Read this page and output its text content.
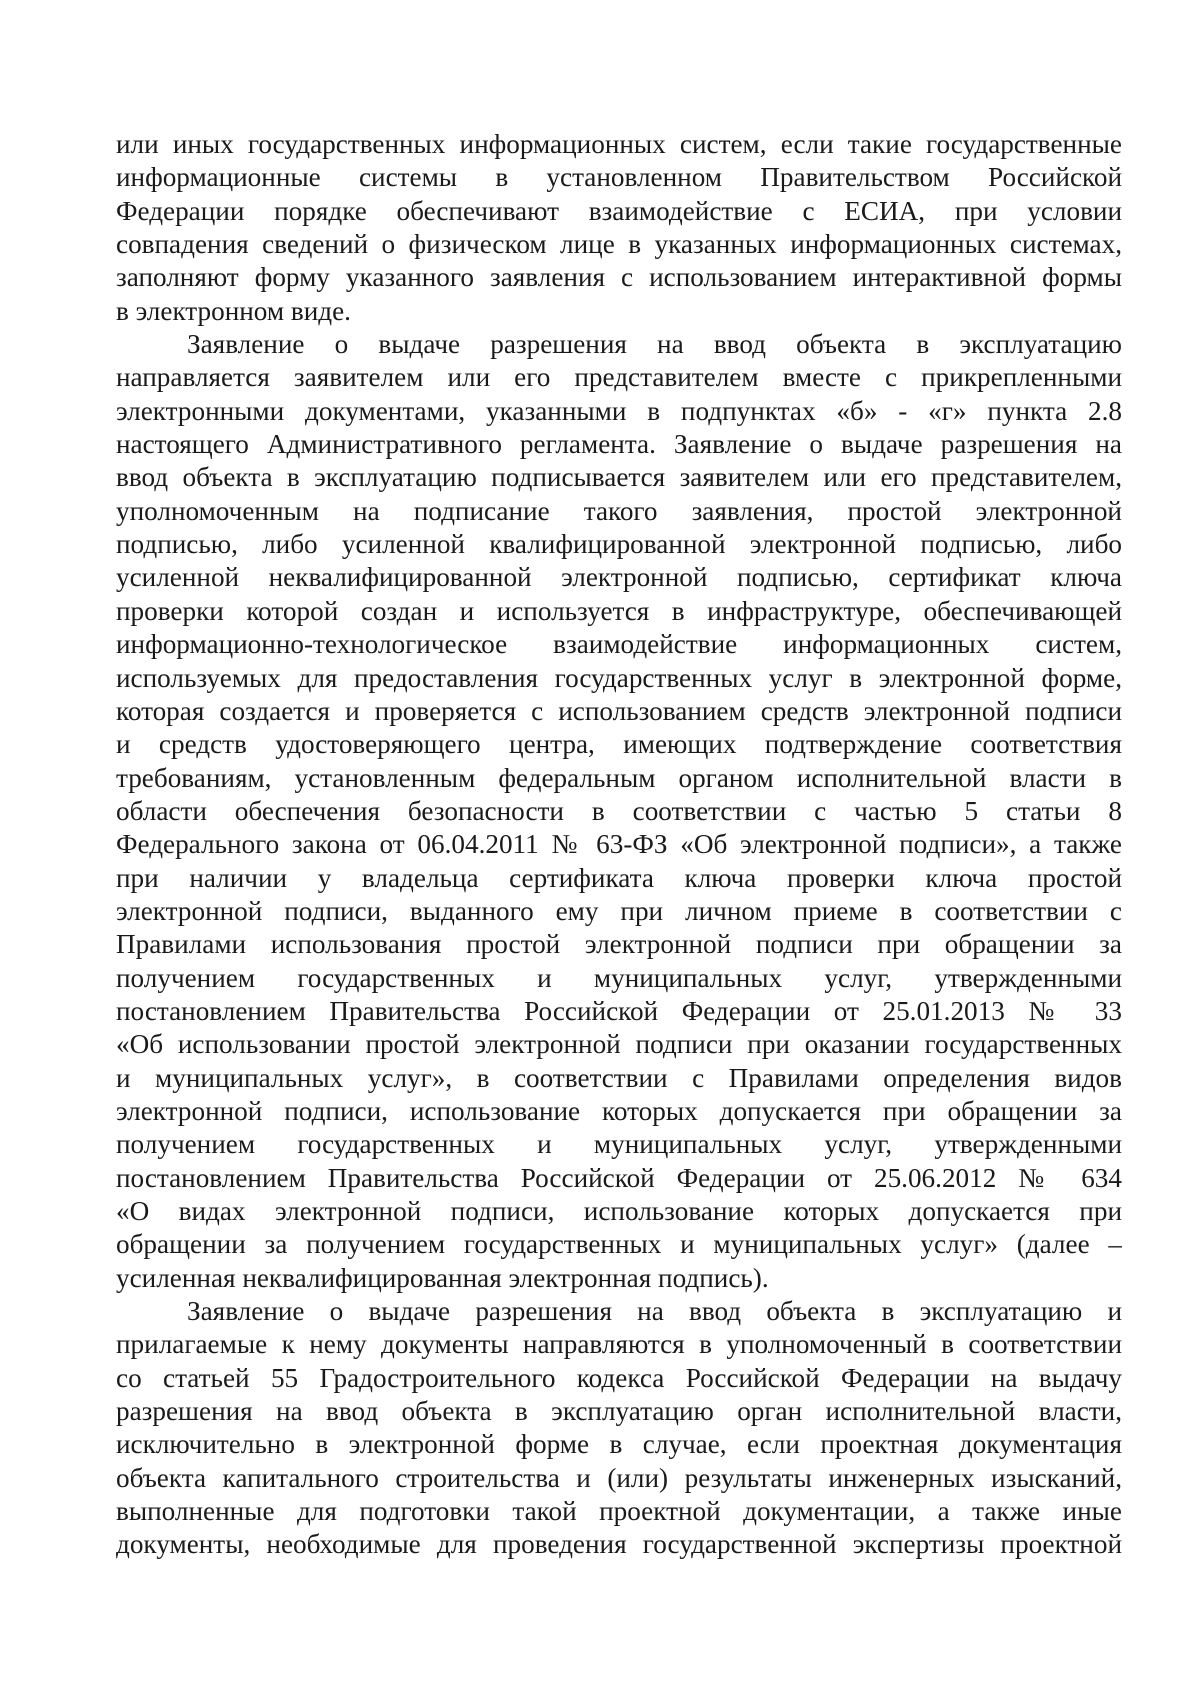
или иных государственных информационных систем, если такие государственные
информационные системы в установленном Правительством Российской
Федерации порядке обеспечивают взаимодействие с ЕСИА, при условии
совпадения сведений о физическом лице в указанных информационных системах,
заполняют форму указанного заявления с использованием интерактивной формы
в электронном виде.
Заявление о выдаче разрешения на ввод объекта в эксплуатацию
направляется заявителем или его представителем вместе с прикрепленными
электронными документами, указанными в подпунктах «б» - «г» пункта 2.8
настоящего Административного регламента. Заявление о выдаче разрешения на
ввод объекта в эксплуатацию подписывается заявителем или его представителем,
уполномоченным на подписание такого заявления, простой электронной
подписью, либо усиленной квалифицированной электронной подписью, либо
усиленной неквалифицированной электронной подписью, сертификат ключа
проверки которой создан и используется в инфраструктуре, обеспечивающей
информационно-технологическое взаимодействие информационных систем,
используемых для предоставления государственных услуг в электронной форме,
которая создается и проверяется с использованием средств электронной подписи
и средств удостоверяющего центра, имеющих подтверждение соответствия
требованиям, установленным федеральным органом исполнительной власти в
области обеспечения безопасности в соответствии с частью 5 статьи 8
Федерального закона от 06.04.2011 № 63-ФЗ «Об электронной подписи», а также
при наличии у владельца сертификата ключа проверки ключа простой
электронной подписи, выданного ему при личном приеме в соответствии с
Правилами использования простой электронной подписи при обращении за
получением государственных и муниципальных услуг, утвержденными
постановлением Правительства Российской Федерации от 25.01.2013 № 33
«Об использовании простой электронной подписи при оказании государственных
и муниципальных услуг», в соответствии с Правилами определения видов
электронной подписи, использование которых допускается при обращении за
получением государственных и муниципальных услуг, утвержденными
постановлением Правительства Российской Федерации от 25.06.2012 № 634
«О видах электронной подписи, использование которых допускается при
обращении за получением государственных и муниципальных услуг» (далее –
усиленная неквалифицированная электронная подпись).
Заявление о выдаче разрешения на ввод объекта в эксплуатацию и
прилагаемые к нему документы направляются в уполномоченный в соответствии
со статьей 55 Градостроительного кодекса Российской Федерации на выдачу
разрешения на ввод объекта в эксплуатацию орган исполнительной власти,
исключительно в электронной форме в случае, если проектная документация
объекта капитального строительства и (или) результаты инженерных изысканий,
выполненные для подготовки такой проектной документации, а также иные
документы, необходимые для проведения государственной экспертизы проектной
